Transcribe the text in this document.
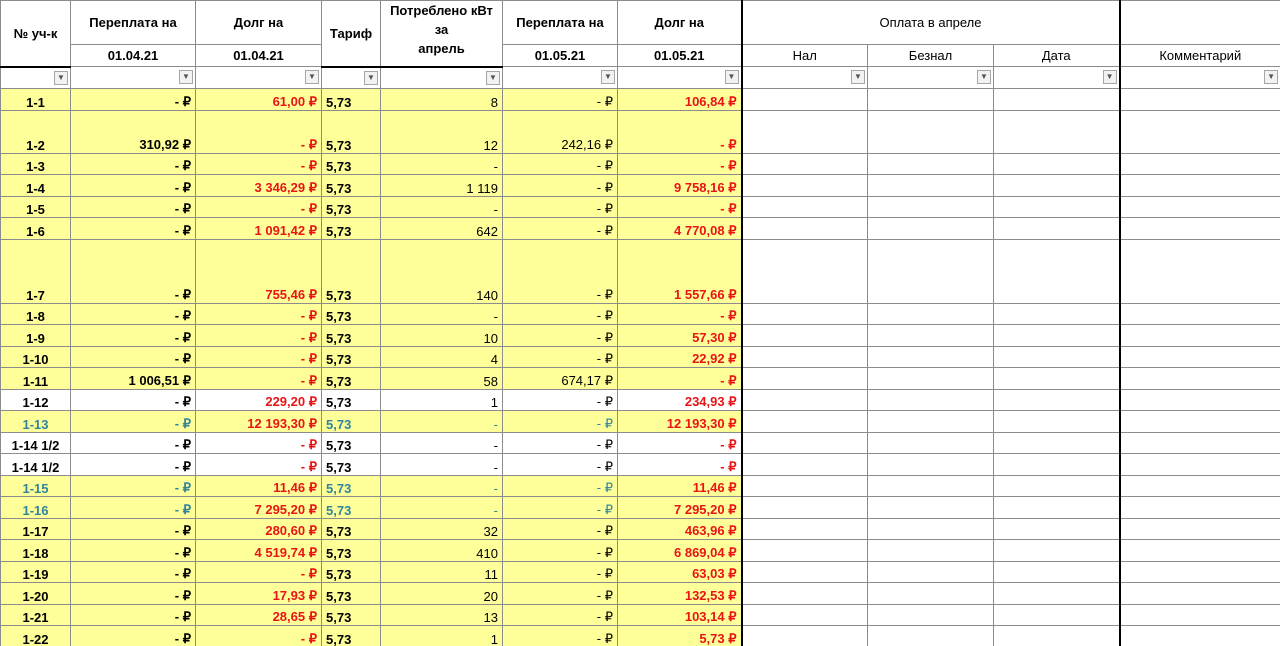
№ уч-к	Переплата на	Долг на	Тариф	Потреблено кВт
за
апрель	Переплата на	Долг на	Оплата в апреле			
	01.04.21	01.04.21			01.05.21	01.05.21	Нал	Безнал	Дата	Комментарий

▼	▼	▼	▼	▼	▼	▼	▼	▼	▼	▼

1-1	- ₽	61,00 ₽	5,73	8	- ₽	106,84 ₽				
1-2	310,92 ₽	- ₽	5,73	12	242,16 ₽	- ₽				
1-3	- ₽	- ₽	5,73	-	- ₽	- ₽				
1-4	- ₽	3 346,29 ₽	5,73	1 119	- ₽	9 758,16 ₽				
1-5	- ₽	- ₽	5,73	-	- ₽	- ₽				
1-6	- ₽	1 091,42 ₽	5,73	642	- ₽	4 770,08 ₽				
1-7	- ₽	755,46 ₽	5,73	140	- ₽	1 557,66 ₽				
1-8	- ₽	- ₽	5,73	-	- ₽	- ₽				
1-9	- ₽	- ₽	5,73	10	- ₽	57,30 ₽				
1-10	- ₽	- ₽	5,73	4	- ₽	22,92 ₽				
1-11	1 006,51 ₽	- ₽	5,73	58	674,17 ₽	- ₽				
1-12	- ₽	229,20 ₽	5,73	1	- ₽	234,93 ₽				
1-13	- ₽	12 193,30 ₽	5,73	-	- ₽	12 193,30 ₽				
1-14 1/2	- ₽	- ₽	5,73	-	- ₽	- ₽				
1-14 1/2	- ₽	- ₽	5,73	-	- ₽	- ₽				
1-15	- ₽	11,46 ₽	5,73	-	- ₽	11,46 ₽				
1-16	- ₽	7 295,20 ₽	5,73	-	- ₽	7 295,20 ₽				
1-17	- ₽	280,60 ₽	5,73	32	- ₽	463,96 ₽				
1-18	- ₽	4 519,74 ₽	5,73	410	- ₽	6 869,04 ₽				
1-19	- ₽	- ₽	5,73	11	- ₽	63,03 ₽				
1-20	- ₽	17,93 ₽	5,73	20	- ₽	132,53 ₽				
1-21	- ₽	28,65 ₽	5,73	13	- ₽	103,14 ₽				
1-22	- ₽	- ₽	5,73	1	- ₽	5,73 ₽				
